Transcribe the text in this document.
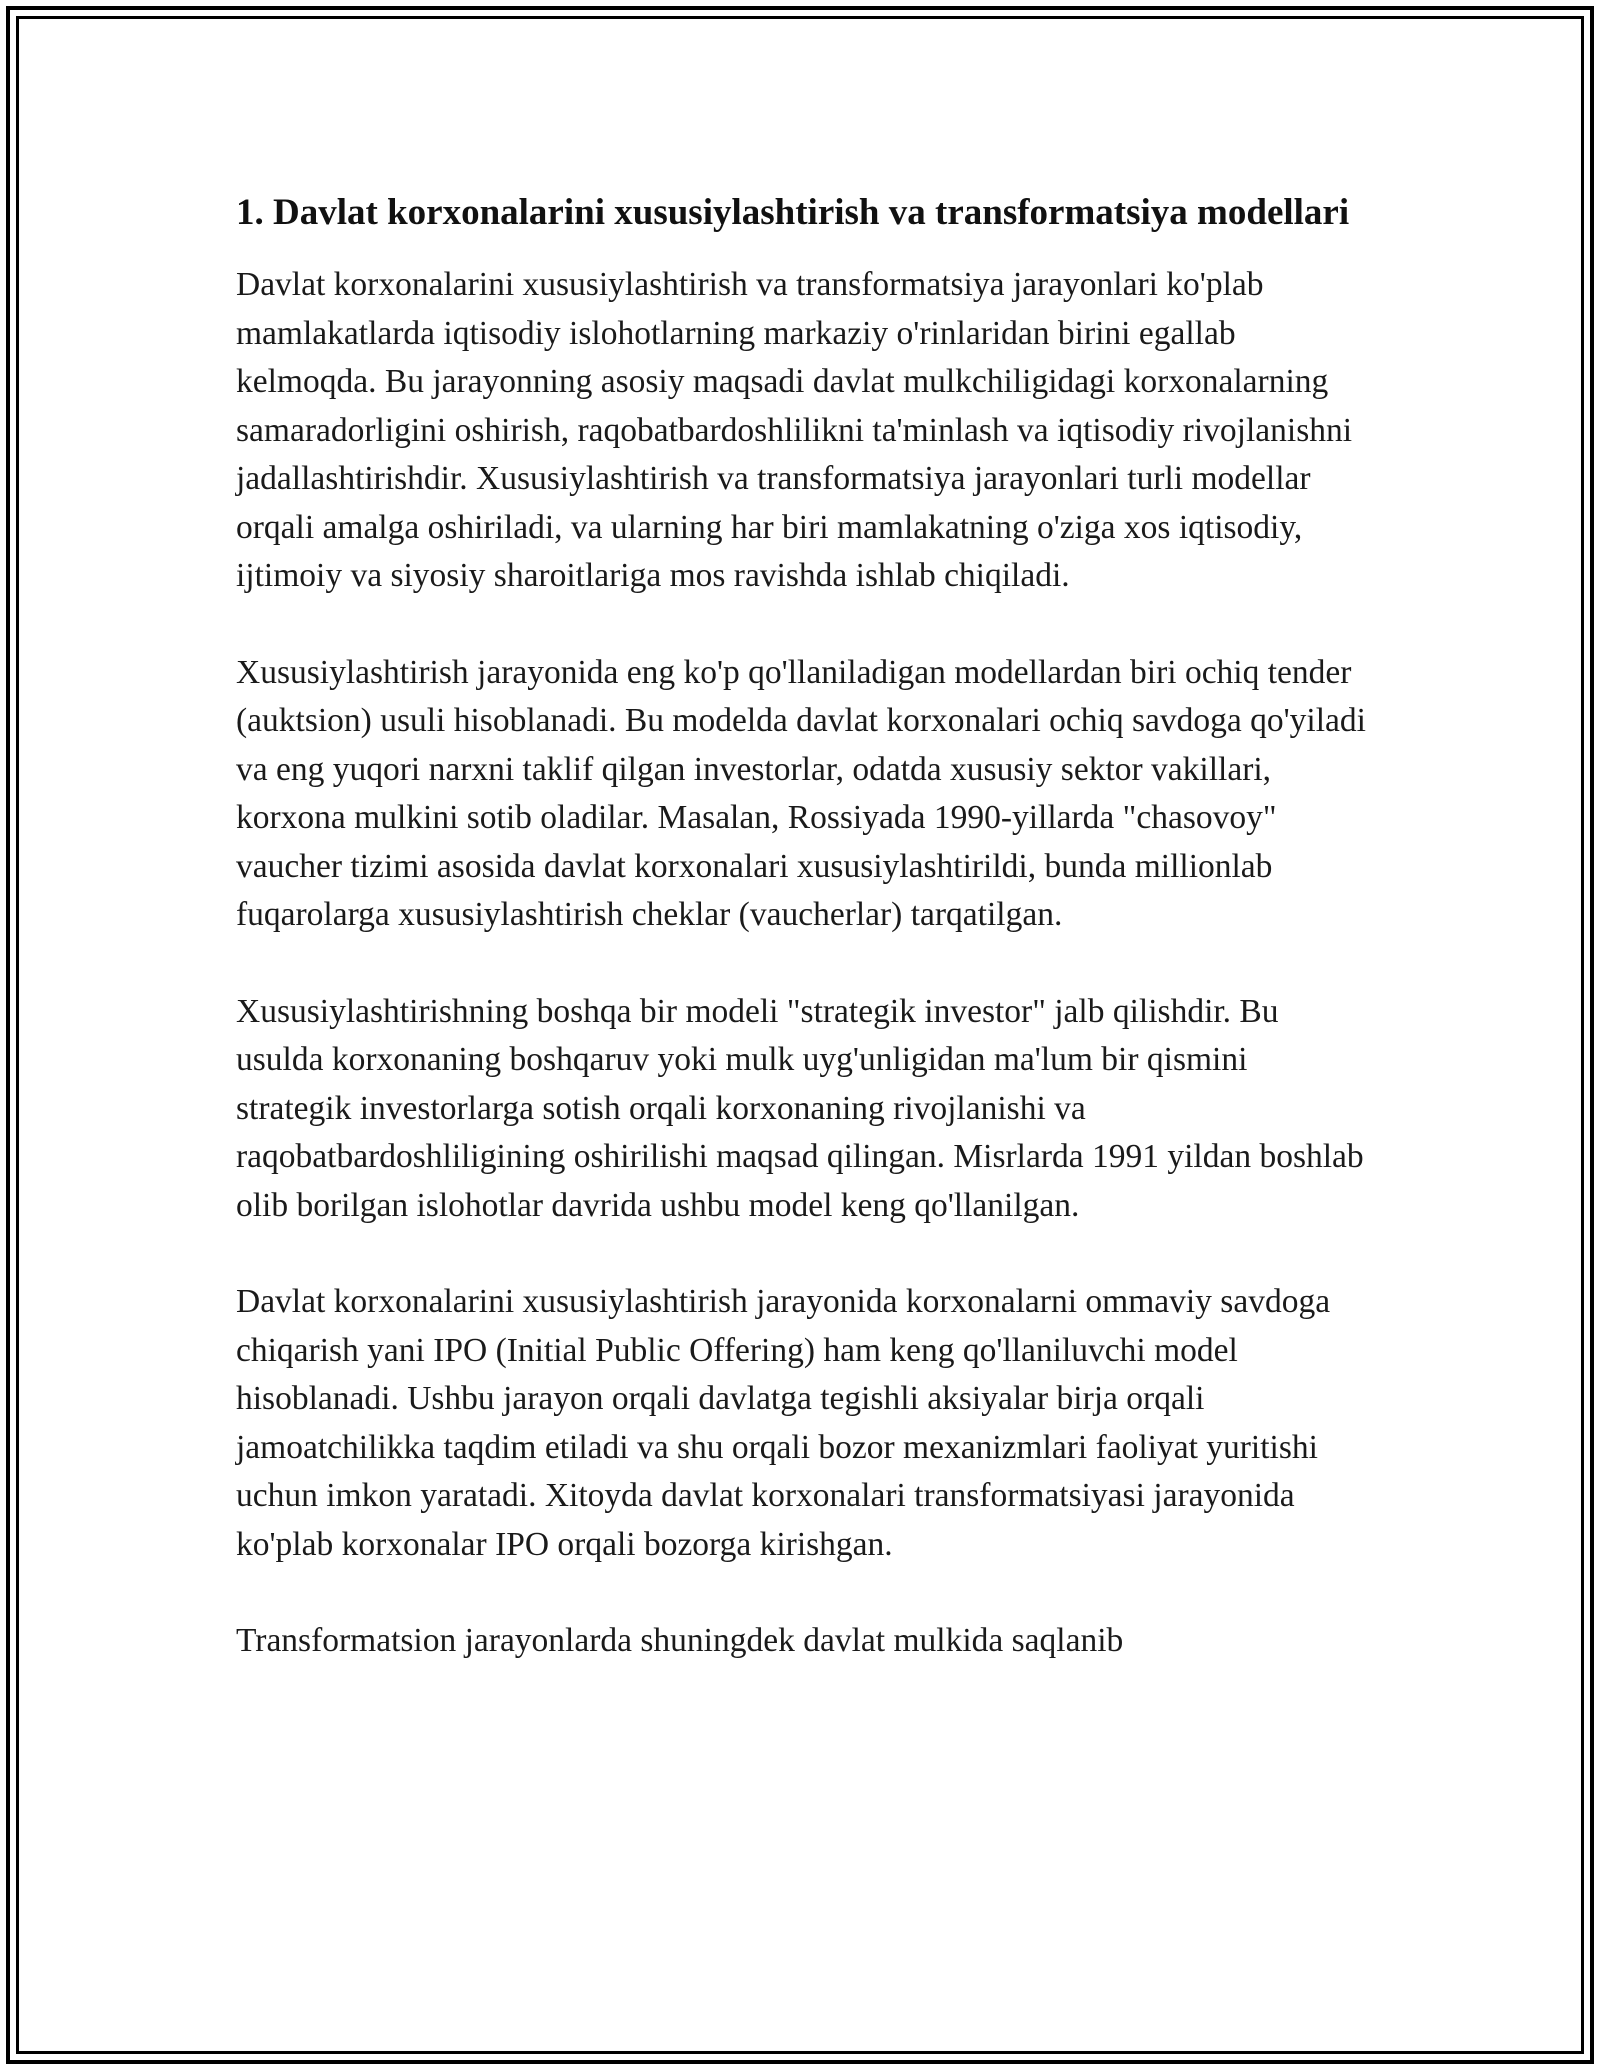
1. Davlat korxonalarini xususiylashtirish va transformatsiya modellari

Davlat korxonalarini xususiylashtirish va transformatsiya jarayonlari ko'plab mamlakatlarda iqtisodiy islohotlarning markaziy o'rinlaridan birini egallab kelmoqda. Bu jarayonning asosiy maqsadi davlat mulkchiligidagi korxonalarning samaradorligini oshirish, raqobatbardoshlilikni ta'minlash va iqtisodiy rivojlanishni jadallashtirishdir. Xususiylashtirish va transformatsiya jarayonlari turli modellar orqali amalga oshiriladi, va ularning har biri mamlakatning o'ziga xos iqtisodiy, ijtimoiy va siyosiy sharoitlariga mos ravishda ishlab chiqiladi.

Xususiylashtirish jarayonida eng ko'p qo'llaniladigan modellardan biri ochiq tender (auktsion) usuli hisoblanadi. Bu modelda davlat korxonalari ochiq savdoga qo'yiladi va eng yuqori narxni taklif qilgan investorlar, odatda xususiy sektor vakillari, korxona mulkini sotib oladilar. Masalan, Rossiyada 1990-yillarda "chasovoy" vaucher tizimi asosida davlat korxonalari xususiylashtirildi, bunda millionlab fuqarolarga xususiylashtirish cheklar (vaucherlar) tarqatilgan.

Xususiylashtirishning boshqa bir modeli "strategik investor" jalb qilishdir. Bu usulda korxonaning boshqaruv yoki mulk uyg'unligidan ma'lum bir qismini strategik investorlarga sotish orqali korxonaning rivojlanishi va raqobatbardoshliligining oshirilishi maqsad qilingan. Misrlarda 1991 yildan boshlab olib borilgan islohotlar davrida ushbu model keng qo'llanilgan.

Davlat korxonalarini xususiylashtirish jarayonida korxonalarni ommaviy savdoga chiqarish yani IPO (Initial Public Offering) ham keng qo'llaniluvchi model hisoblanadi. Ushbu jarayon orqali davlatga tegishli aksiyalar birja orqali jamoatchilikka taqdim etiladi va shu orqali bozor mexanizmlari faoliyat yuritishi uchun imkon yaratadi. Xitoyda davlat korxonalari transformatsiyasi jarayonida ko'plab korxonalar IPO orqali bozorga kirishgan.

Transformatsion jarayonlarda shuningdek davlat mulkida saqlanib
